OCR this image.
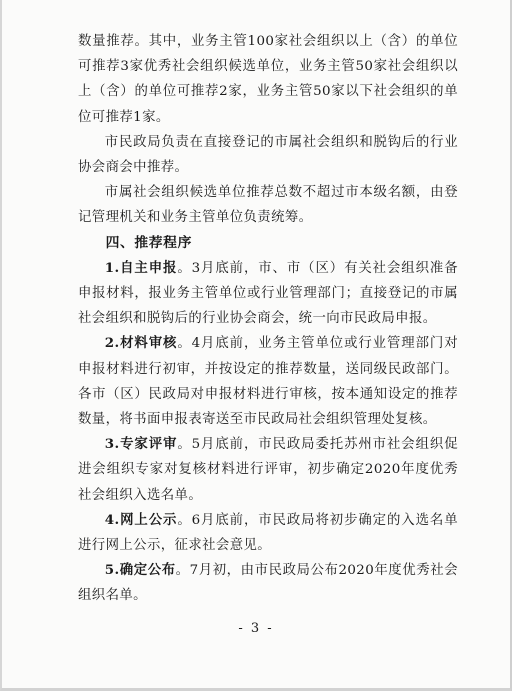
数量推荐。其中，业务主管100家社会组织以上（含）的单位可推荐3家优秀社会组织候选单位，业务主管50家社会组织以上（含）的单位可推荐2家，业务主管50家以下社会组织的单位可推荐1家。

市民政局负责在直接登记的市属社会组织和脱钩后的行业协会商会中推荐。

市属社会组织候选单位推荐总数不超过市本级名额，由登记管理机关和业务主管单位负责统筹。

四、推荐程序

1.自主申报。3月底前，市、市（区）有关社会组织准备申报材料，报业务主管单位或行业管理部门；直接登记的市属社会组织和脱钩后的行业协会商会，统一向市民政局申报。

2.材料审核。4月底前，业务主管单位或行业管理部门对申报材料进行初审，并按设定的推荐数量，送同级民政部门。各市（区）民政局对申报材料进行审核，按本通知设定的推荐数量，将书面申报表寄送至市民政局社会组织管理处复核。

3.专家评审。5月底前，市民政局委托苏州市社会组织促进会组织专家对复核材料进行评审，初步确定2020年度优秀社会组织入选名单。

4.网上公示。6月底前，市民政局将初步确定的入选名单进行网上公示，征求社会意见。

5.确定公布。7月初，由市民政局公布2020年度优秀社会组织名单。

- 3 -
